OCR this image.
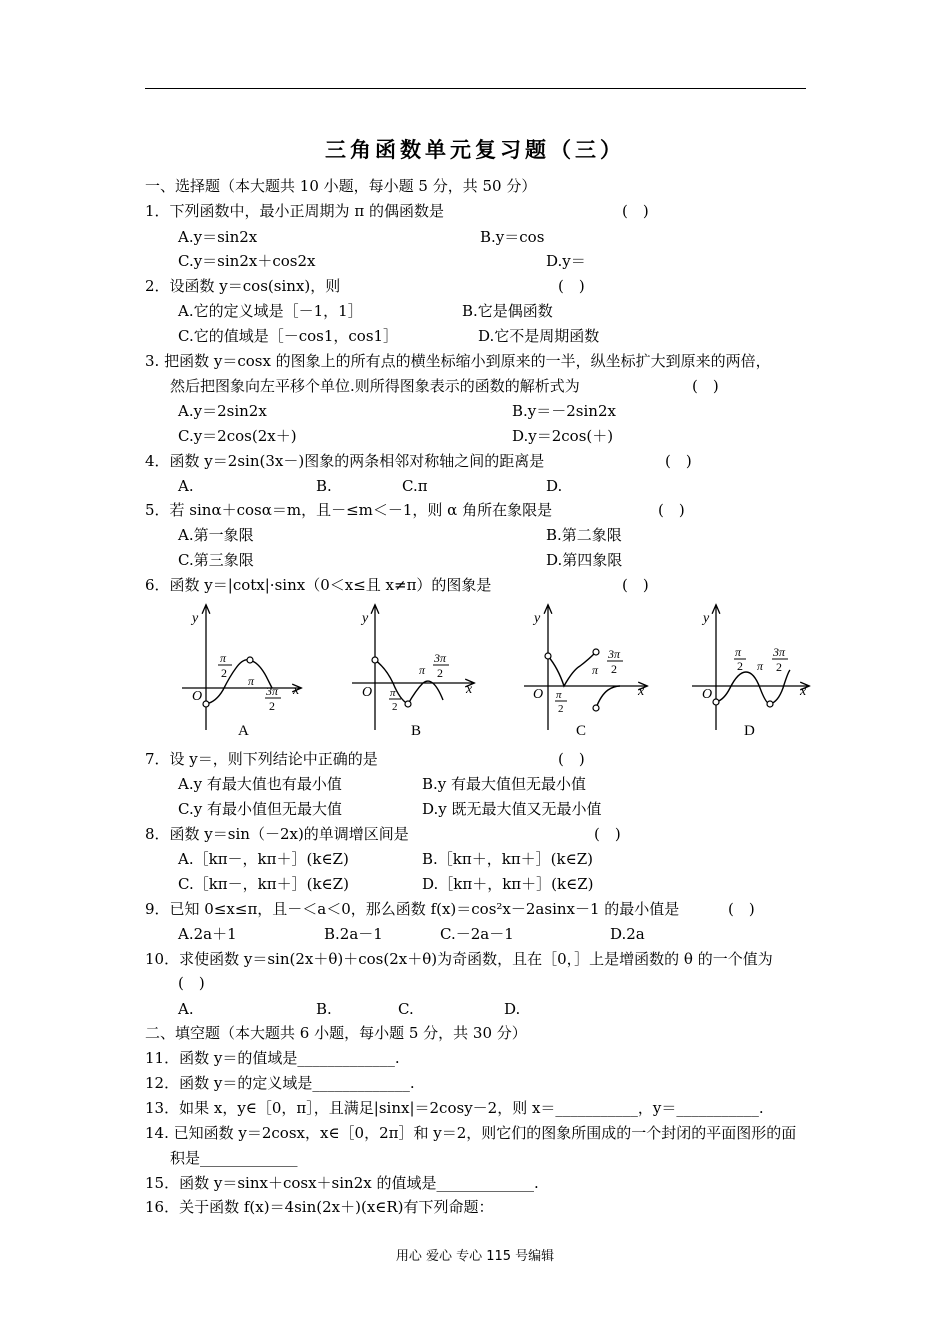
三角函数单元复习题（三）
一、选择题（本大题共 10 小题，每小题 5 分，共 50 分）
1．下列函数中，最小正周期为 π 的偶函数是	(　)
A.y＝sin2x	B.y＝cos
C.y＝sin2x＋cos2x	D.y＝
2．设函数 y＝cos(sinx)，则	(　)
A.它的定义域是［－1，1］	B.它是偶函数
C.它的值域是［－cos1，cos1］	D.它不是周期函数
3. 把函数 y＝cosx 的图象上的所有点的横坐标缩小到原来的一半，纵坐标扩大到原来的两倍，
然后把图象向左平移个单位.则所得图象表示的函数的解析式为	(　)
A.y＝2sin2x	B.y＝－2sin2x
C.y＝2cos(2x＋)	D.y＝2cos(＋)
4．函数 y＝2sin(3x－)图象的两条相邻对称轴之间的距离是	(　)
A.	B.	C.π	D.
5．若 sinα＋cosα＝m，且－≤m＜－1，则 α 角所在象限是	(　)
A.第一象限	B.第二象限
C.第三象限	D.第四象限
6．函数 y＝|cotx|·sinx（0＜x≤且 x≠π）的图象是	(　)
y
x
O
π
2
π
3π
2
A
y
x
O π
2
π
3π
2
B
y
x
O π
2
π
3π
2
C
y
x
O
π
2 π
3π
2
D
7．设 y＝，则下列结论中正确的是	(　)
A.y 有最大值也有最小值	B.y 有最大值但无最小值
C.y 有最小值但无最大值	D.y 既无最大值又无最小值
8．函数 y＝sin（－2x)的单调增区间是	(　)
A.［kπ－，kπ＋］(k∈Z)	B.［kπ＋，kπ＋］(k∈Z)
C.［kπ－，kπ＋］(k∈Z)	D.［kπ＋，kπ＋］(k∈Z)
9．已知 0≤x≤π，且－＜a＜0，那么函数 f(x)＝cos²x－2asinx－1 的最小值是	(　)
A.2a＋1	B.2a－1	C.－2a－1	D.2a
10．求使函数 y＝sin(2x＋θ)＋cos(2x＋θ)为奇函数，且在［0，］上是增函数的 θ 的一个值为
(　)
A.	B.	C.	D.
二、填空题（本大题共 6 小题，每小题 5 分，共 30 分）
11．函数 y＝的值域是_____________.
12．函数 y＝的定义域是_____________.
13．如果 x，y∈［0，π］，且满足|sinx|＝2cosy－2，则 x＝___________，y＝___________.
14. 已知函数 y＝2cosx，x∈［0，2π］和 y＝2，则它们的图象所围成的一个封闭的平面图形的面
积是_____________
15．函数 y＝sinx＋cosx＋sin2x 的值域是_____________.
16．关于函数 f(x)＝4sin(2x＋)(x∈R)有下列命题：
用心 爱心 专心 115 号编辑
